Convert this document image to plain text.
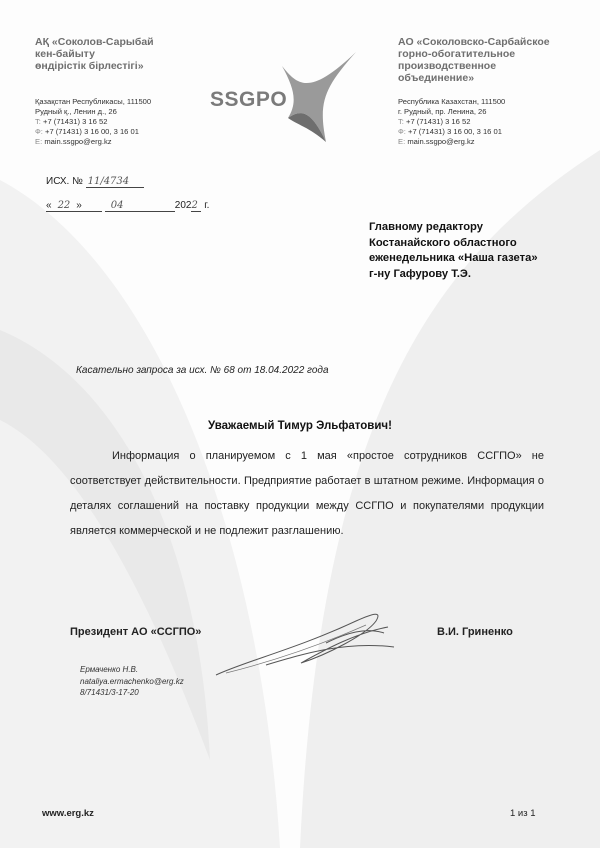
АҚ «Соколов-Сарыбай
кен-байыту
өндірістік бірлестігі»
АО «Соколовско-Сарбайское
горно-обогатительное
производственное
объединение»
SSGPO
Қазақстан Республикасы, 111500
Рудный қ., Ленин д., 26
T: +7 (71431) 3 16 52
Ф: +7 (71431) 3 16 00, 3 16 01
E: main.ssgpo@erg.kz
Республика Казахстан, 111500
г. Рудный, пр. Ленина, 26
T: +7 (71431) 3 16 52
Ф: +7 (71431) 3 16 00, 3 16 01
E: main.ssgpo@erg.kz
ИСХ. № 11/4734
« 22 »	04	2022 г.
Главному редактору
Костанайского областного
еженедельника «Наша газета»
г-ну Гафурову Т.Э.
Касательно запроса за исх. № 68 от 18.04.2022 года
Уважаемый Тимур Эльфатович!
Информация о планируемом с 1 мая «простое сотрудников ССГПО» не соответствует действительности. Предприятие работает в штатном режиме. Информация о деталях соглашений на поставку продукции между ССГПО и покупателями продукции является коммерческой и не подлежит разглашению.
Президент АО «ССГПО»	В.И. Гриненко
Ермаченко Н.В.
nataliya.ermachenko@erg.kz
8/71431/3-17-20
www.erg.kz	1 из 1
